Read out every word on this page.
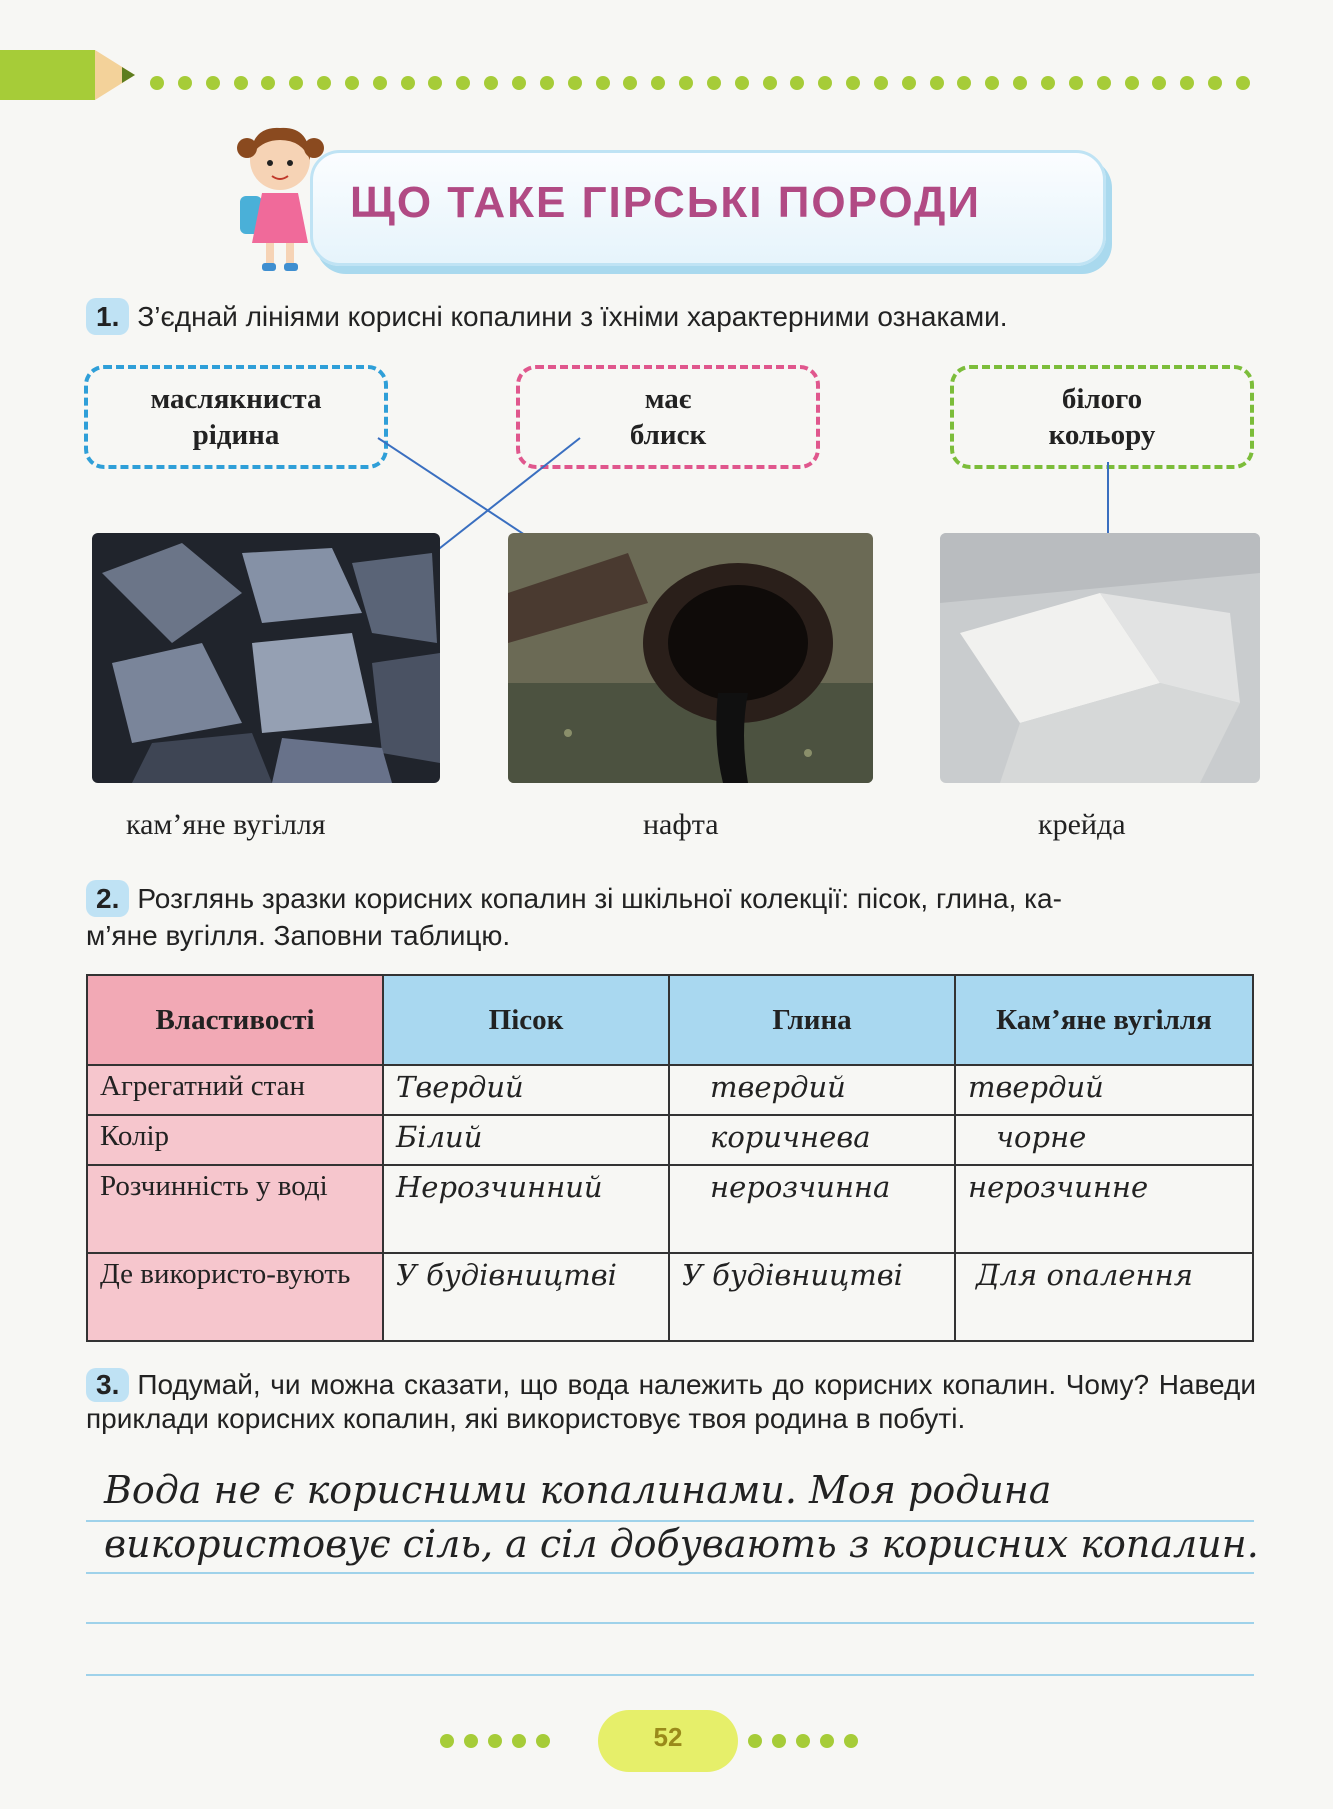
ЩО ТАКЕ ГІРСЬКІ ПОРОДИ
1. З’єднай лініями корисні копалини з їхніми характерними ознаками.
маслякниста
рідина
має
блиск
білого
кольору
кам’яне вугілля	нафта	крейда
2. Розглянь зразки корисних копалин зі шкільної колекції: пісок, глина, ка-
м’яне вугілля. Заповни таблицю.
Властивості	Пісок	Глина	Кам’яне вугілля
Агрегатний стан	Твердий	твердий	твердий
Колір	Білий	коричнева	чорне
Розчинність у воді	Нерозчинний	нерозчинна	нерозчинне
Де використо-вують	У будівництві	У будівництві	Для опалення
3. Подумай, чи можна сказати, що вода належить до корисних копалин. Чому? Наведи приклади корисних копалин, які використовує твоя родина в побуті.
Вода не є корисними копалинами. Моя родина
використовує сіль, а сіл добувають з корисних копалин.
52
